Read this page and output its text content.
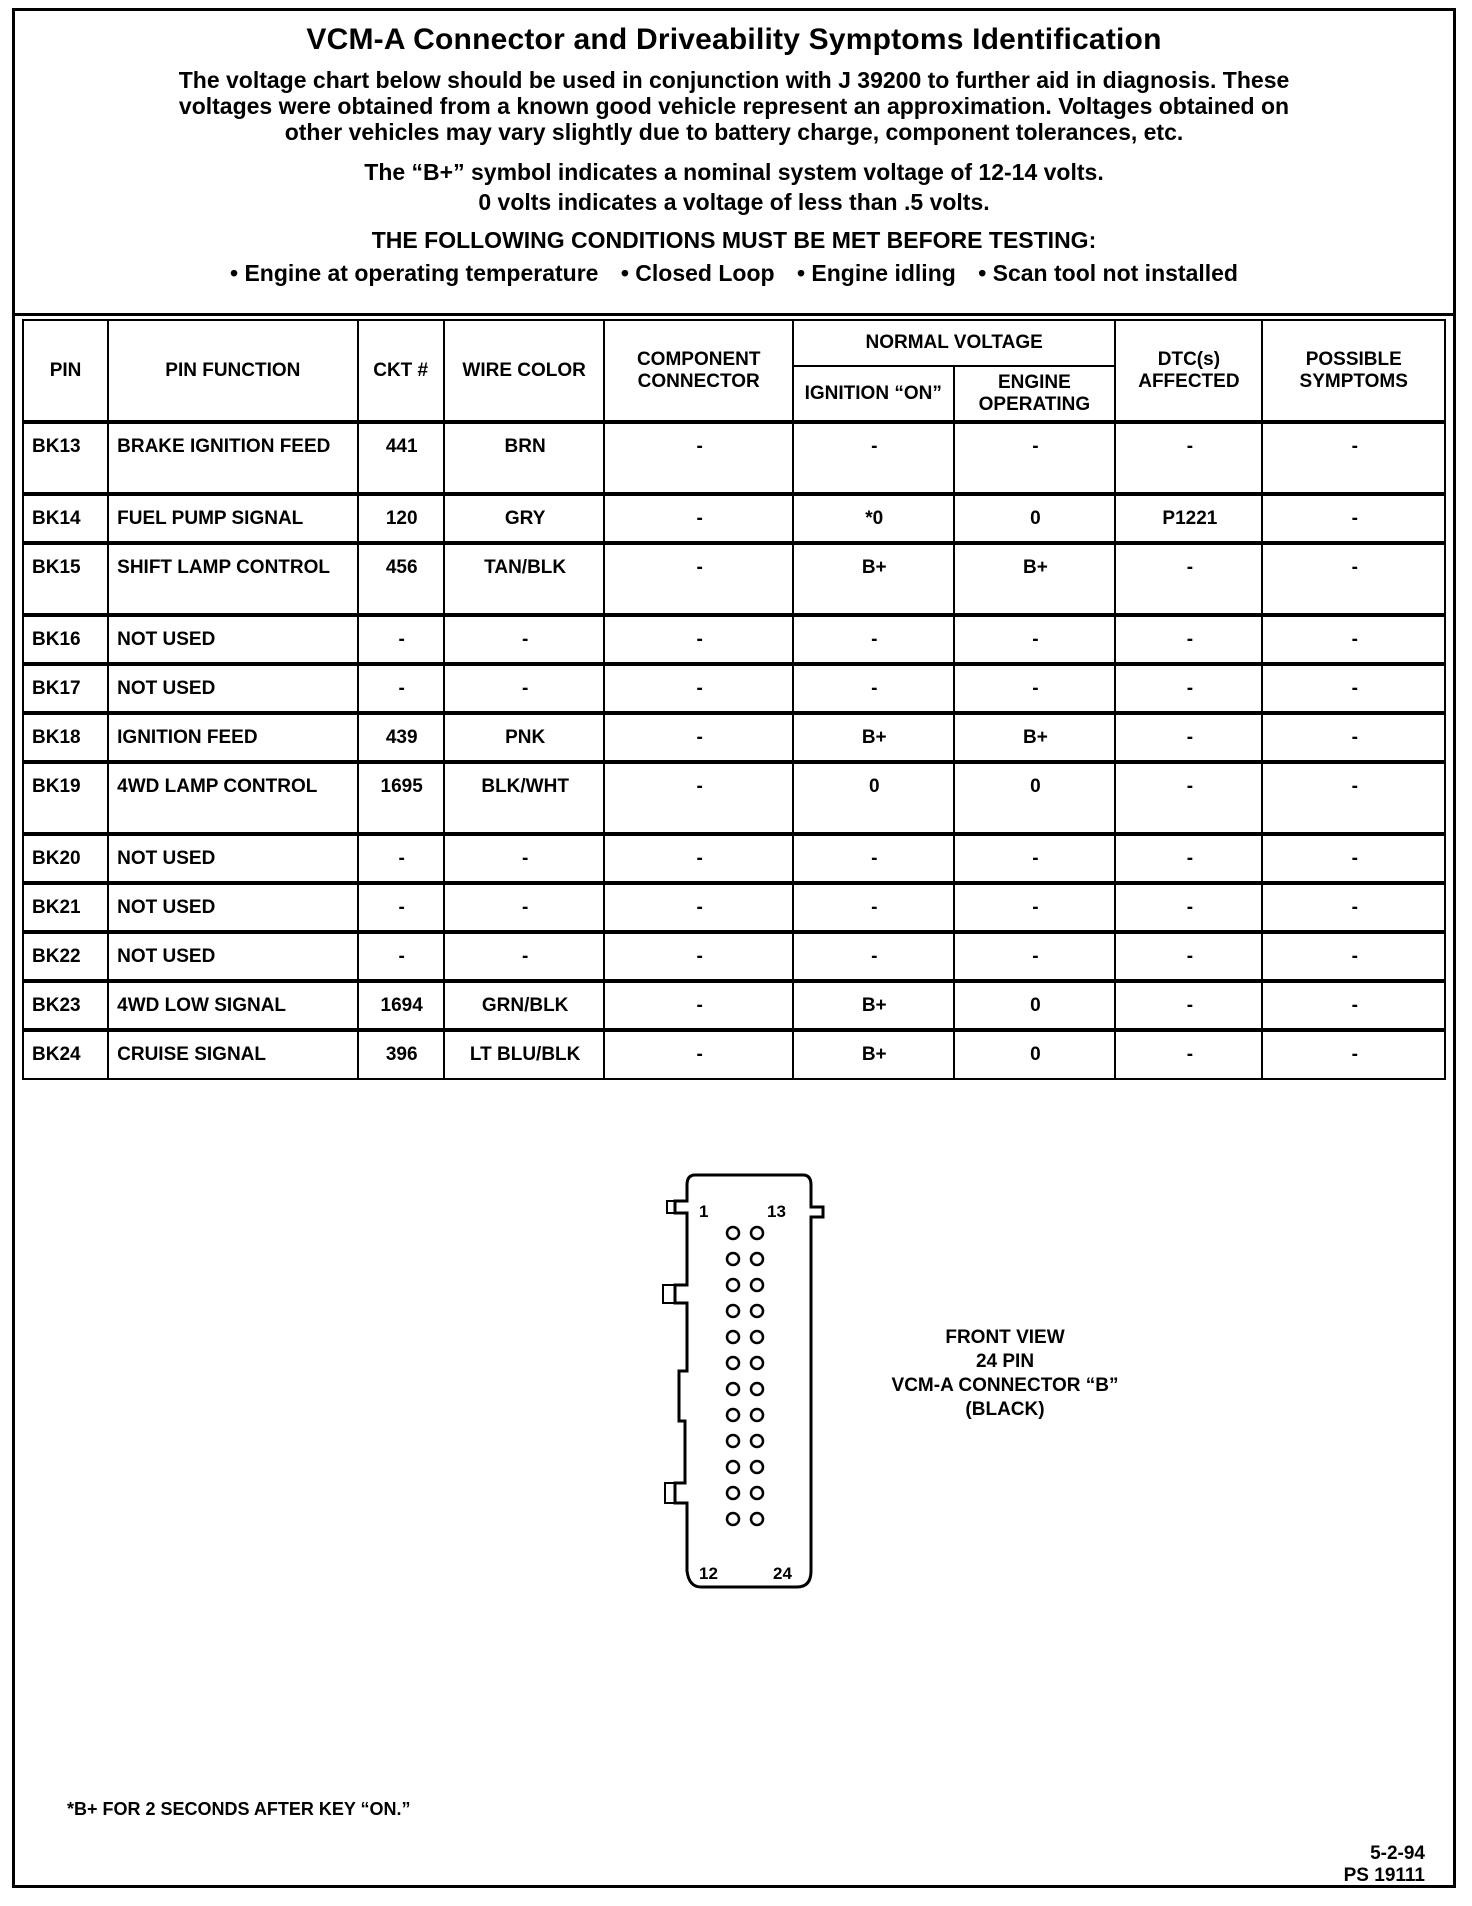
VCM-A Connector and Driveability Symptoms Identification
The voltage chart below should be used in conjunction with J 39200 to further aid in diagnosis. These
voltages were obtained from a known good vehicle represent an approximation. Voltages obtained on
other vehicles may vary slightly due to battery charge, component tolerances, etc.
The “B+” symbol indicates a nominal system voltage of 12-14 volts.
0 volts indicates a voltage of less than .5 volts.
THE FOLLOWING CONDITIONS MUST BE MET BEFORE TESTING:
• Engine at operating temperature • Closed Loop • Engine idling • Scan tool not installed
PIN	PIN FUNCTION	CKT #	WIRE COLOR	COMPONENT CONNECTOR	NORMAL VOLTAGE		DTC(s) AFFECTED	POSSIBLE SYMPTOMS
					IGNITION “ON”	ENGINE OPERATING		
BK13	BRAKE IGNITION FEED	441	BRN	-	-	-	-	-
BK14	FUEL PUMP SIGNAL	120	GRY	-	*0	0	P1221	-
BK15	SHIFT LAMP CONTROL	456	TAN/BLK	-	B+	B+	-	-
BK16	NOT USED	-	-	-	-	-	-	-
BK17	NOT USED	-	-	-	-	-	-	-
BK18	IGNITION FEED	439	PNK	-	B+	B+	-	-
BK19	4WD LAMP CONTROL	1695	BLK/WHT	-	0	0	-	-
BK20	NOT USED	-	-	-	-	-	-	-
BK21	NOT USED	-	-	-	-	-	-	-
BK22	NOT USED	-	-	-	-	-	-	-
BK23	4WD LOW SIGNAL	1694	GRN/BLK	-	B+	0	-	-
BK24	CRUISE SIGNAL	396	LT BLU/BLK	-	B+	0	-	-
1	13
12	24
FRONT VIEW
24 PIN
VCM-A CONNECTOR “B”
(BLACK)
*B+ FOR 2 SECONDS AFTER KEY “ON.”
5-2-94
PS 19111
